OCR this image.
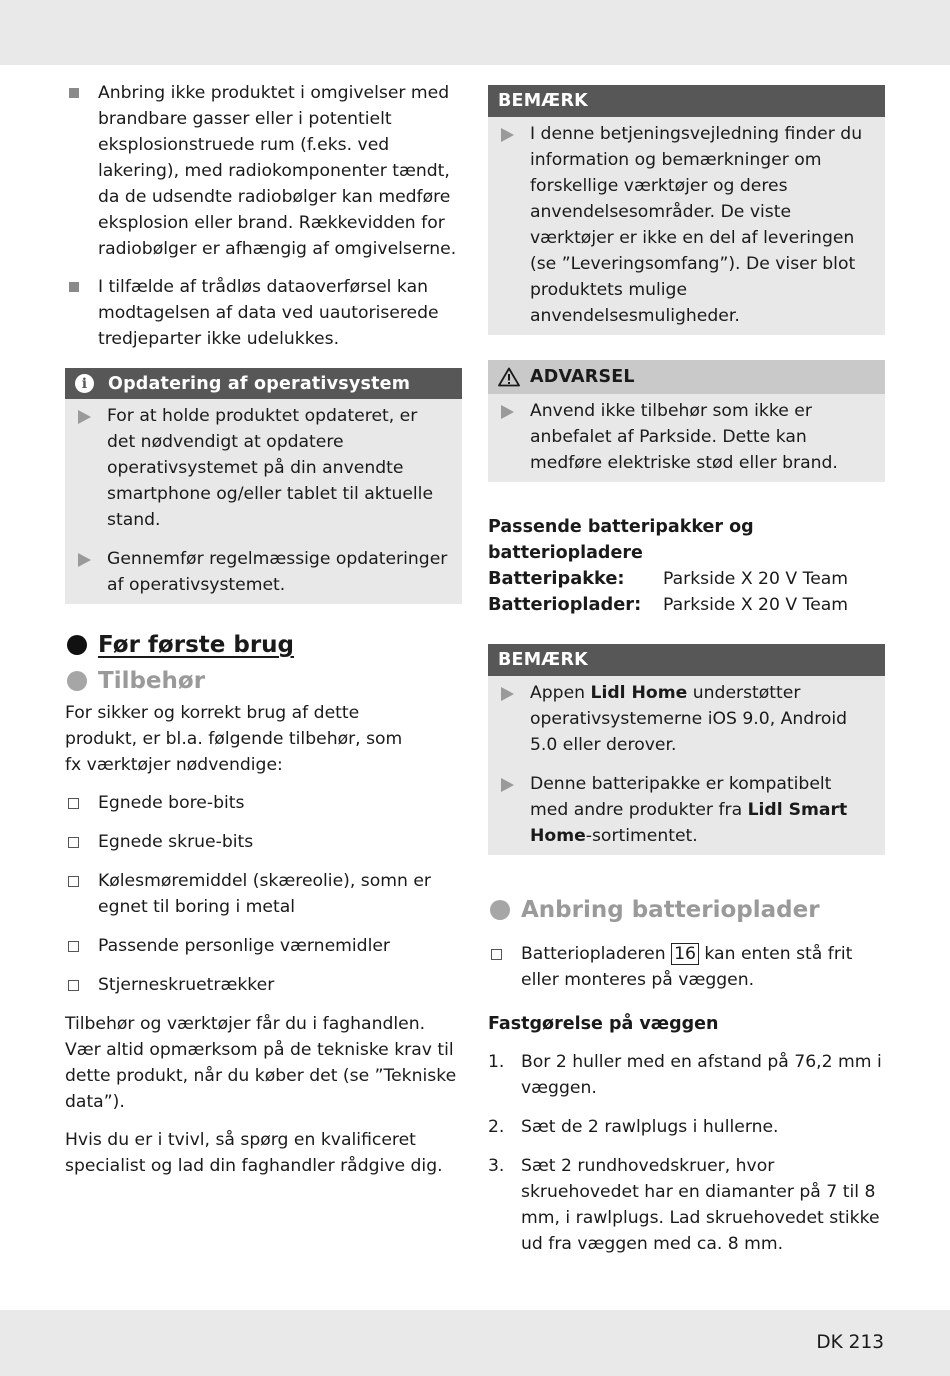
Anbring ikke produktet i omgivelser med brandbare gasser eller i potentielt eksplosionstruede rum (f.eks. ved lakering), med radiokomponenter tændt, da de udsendte radiobølger kan medføre eksplosion eller brand. Rækkevidden for radiobølger er afhængig af omgivelserne.
I tilfælde af trådløs dataoverførsel kan modtagelsen af data ved uautoriserede tredjeparter ikke udelukkes.
i	Opdatering af operativsystem
For at holde produktet opdateret, er det nødvendigt at opdatere operativsystemet på din anvendte smartphone og/eller tablet til aktuelle stand.
Gennemfør regelmæssige opdateringer af operativsystemet.
Før første brug
Tilbehør

For sikker og korrekt brug af dette produkt, er bl.a. følgende tilbehør, som fx værktøjer nødvendige:

Egnede bore-bits
Egnede skrue-bits
Kølesmøremiddel (skæreolie), somn er egnet til boring i metal
Passende personlige værnemidler
Stjerneskruetrækker

Tilbehør og værktøjer får du i faghandlen. Vær altid opmærksom på de tekniske krav til dette produkt, når du køber det (se ”Tekniske data”).

Hvis du er i tvivl, så spørg en kvalificeret specialist og lad din faghandler rådgive dig.

BEMÆRK
I denne betjeningsvejledning finder du information og bemærkninger om forskellige værktøjer og deres anvendelsesområder. De viste værktøjer er ikke en del af leveringen (se ”Leveringsomfang”). De viser blot produktets mulige anvendelsesmuligheder.
ADVARSEL
Anvend ikke tilbehør som ikke er anbefalet af Parkside. Dette kan medføre elektriske stød eller brand.
Passende batteripakker og batteriopladere
Batteripakke:	Parkside X 20 V Team
Batterioplader:	Parkside X 20 V Team
BEMÆRK
Appen Lidl Home understøtter operativsystemerne iOS 9.0, Android 5.0 eller derover.
Denne batteripakke er kompatibelt med andre produkter fra Lidl Smart Home-sortimentet.
Anbring batterioplader
Batteriopladeren 16 kan enten stå frit eller monteres på væggen.
Fastgørelse på væggen
1. Bor 2 huller med en afstand på 76,2 mm i væggen.
2. Sæt de 2 rawlplugs i hullerne.
3. Sæt 2 rundhovedskruer, hvor skruehovedet har en diamanter på 7 til 8 mm, i rawlplugs. Lad skruehovedet stikke ud fra væggen med ca. 8 mm.
DK 213
